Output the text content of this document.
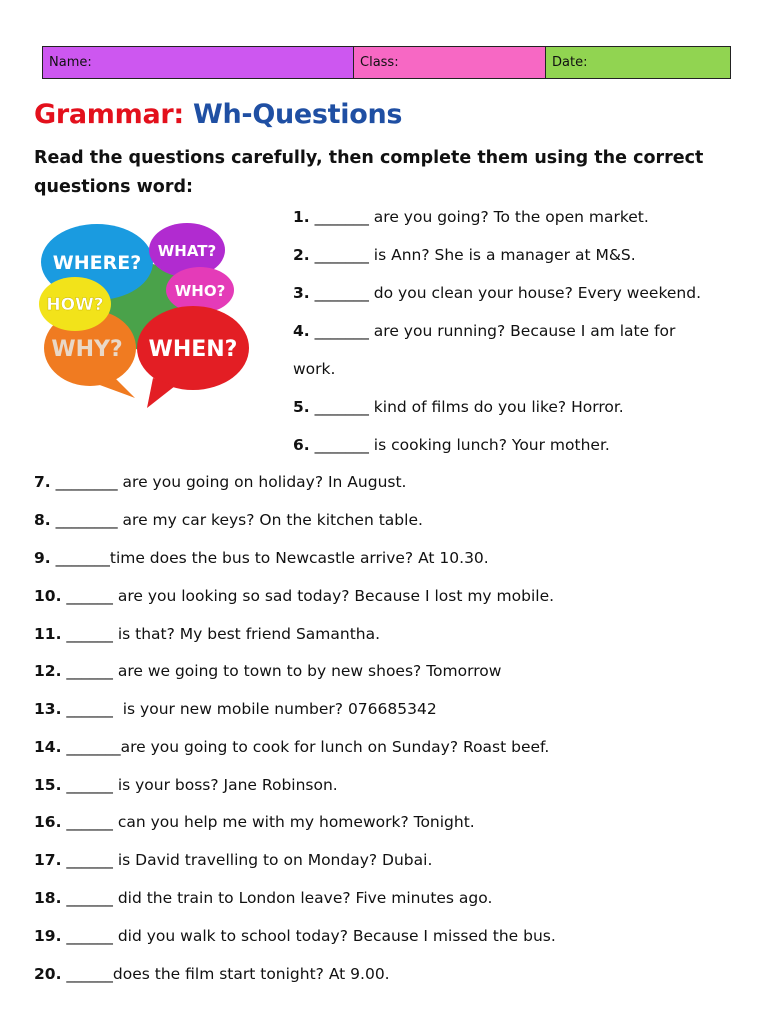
Name:	Class:	Date:
Grammar: Wh-Questions
Read the questions carefully, then complete them using the correct questions word:
WHERE?
WHAT?
WHO?
WHY?
HOW?
WHEN?
1. _______ are you going? To the open market.
2. _______ is Ann? She is a manager at M&S.
3. _______ do you clean your house? Every weekend.
4. _______ are you running? Because I am late for
work.
5. _______ kind of films do you like? Horror.
6. _______ is cooking lunch? Your mother.
7. ________ are you going on holiday? In August.
8. ________ are my car keys? On the kitchen table.
9. _______time does the bus to Newcastle arrive? At 10.30.
10. ______ are you looking so sad today? Because I lost my mobile.
11. ______ is that? My best friend Samantha.
12. ______ are we going to town to by new shoes? Tomorrow
13. ______  is your new mobile number? 076685342
14. _______are you going to cook for lunch on Sunday? Roast beef.
15. ______ is your boss? Jane Robinson.
16. ______ can you help me with my homework? Tonight.
17. ______ is David travelling to on Monday? Dubai.
18. ______ did the train to London leave? Five minutes ago.
19. ______ did you walk to school today? Because I missed the bus.
20. ______does the film start tonight? At 9.00.
